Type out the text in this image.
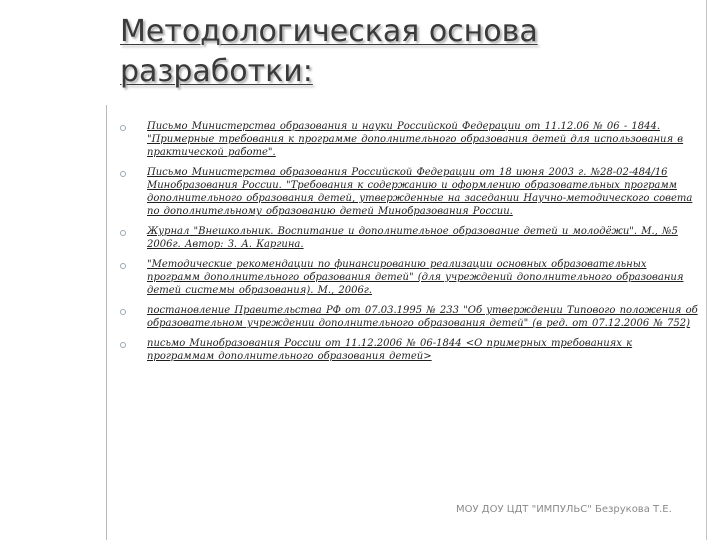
Методологическая основа разработки:
Письмо Министерства образования и науки Российской Федерации от 11.12.06 № 06 - 1844. "Примерные требования к программе дополнительного образования детей для использования в практической работе".
Письмо Министерства образования Российской Федерации от 18 июня 2003 г. №28-02-484/16 Минобразования России. "Требования к содержанию и оформлению образовательных программ дополнительного образования детей, утвержденные на заседании Научно-методического совета по дополнительному образованию детей Минобразования России.
Журнал "Внешкольник. Воспитание и дополнительное образование детей и молодёжи". М., №5 2006г. Автор: З. А. Каргина.
"Методические рекомендации по финансированию реализации основных образовательных программ дополнительного образования детей" (для учреждений дополнительного образования детей системы образования). М., 2006г.
постановление Правительства РФ от 07.03.1995 № 233 "Об утверждении Типового положения об образовательном учреждении дополнительного образования детей" (в ред. от 07.12.2006 № 752)
письмо Минобразования России от 11.12.2006 № 06-1844 <О примерных требованиях к программам дополнительного образования детей>
МОУ ДОУ ЦДТ "ИМПУЛЬС" Безрукова Т.Е.
